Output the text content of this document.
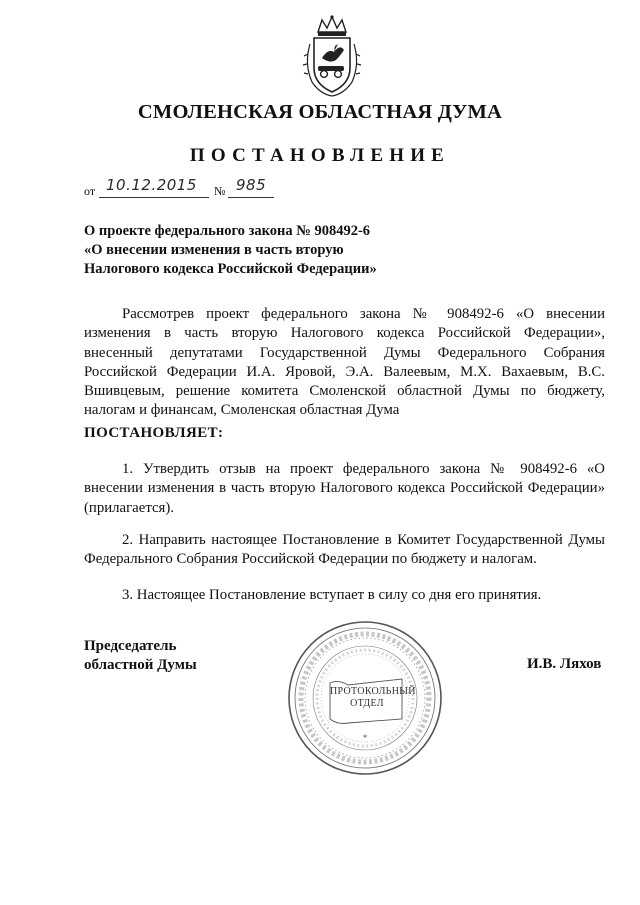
СМОЛЕНСКАЯ ОБЛАСТНАЯ ДУМА
ПОСТАНОВЛЕНИЕ
от 10.12.2015 № 985
О проекте федерального закона № 908492-6
«О внесении изменения в часть вторую
Налогового кодекса Российской Федерации»
Рассмотрев проект федерального закона № 908492-6 «О внесении изменения в часть вторую Налогового кодекса Российской Федерации», внесенный депутатами Государственной Думы Федерального Собрания Российской Федерации И.А. Яровой, Э.А. Валеевым, М.Х. Вахаевым, В.С. Вшивцевым, решение комитета Смоленской областной Думы по бюджету, налогам и финансам, Смоленская областная Дума
ПОСТАНОВЛЯЕТ:
1. Утвердить отзыв на проект федерального закона № 908492-6 «О внесении изменения в часть вторую Налогового кодекса Российской Федерации» (прилагается).
2. Направить настоящее Постановление в Комитет Государственной Думы Федерального Собрания Российской Федерации по бюджету и налогам.
3. Настоящее Постановление вступает в силу со дня его принятия.
Председатель
областной Думы
*
ПРОТОКОЛЬНЫЙ
ОТДЕЛ
И.В. Ляхов
